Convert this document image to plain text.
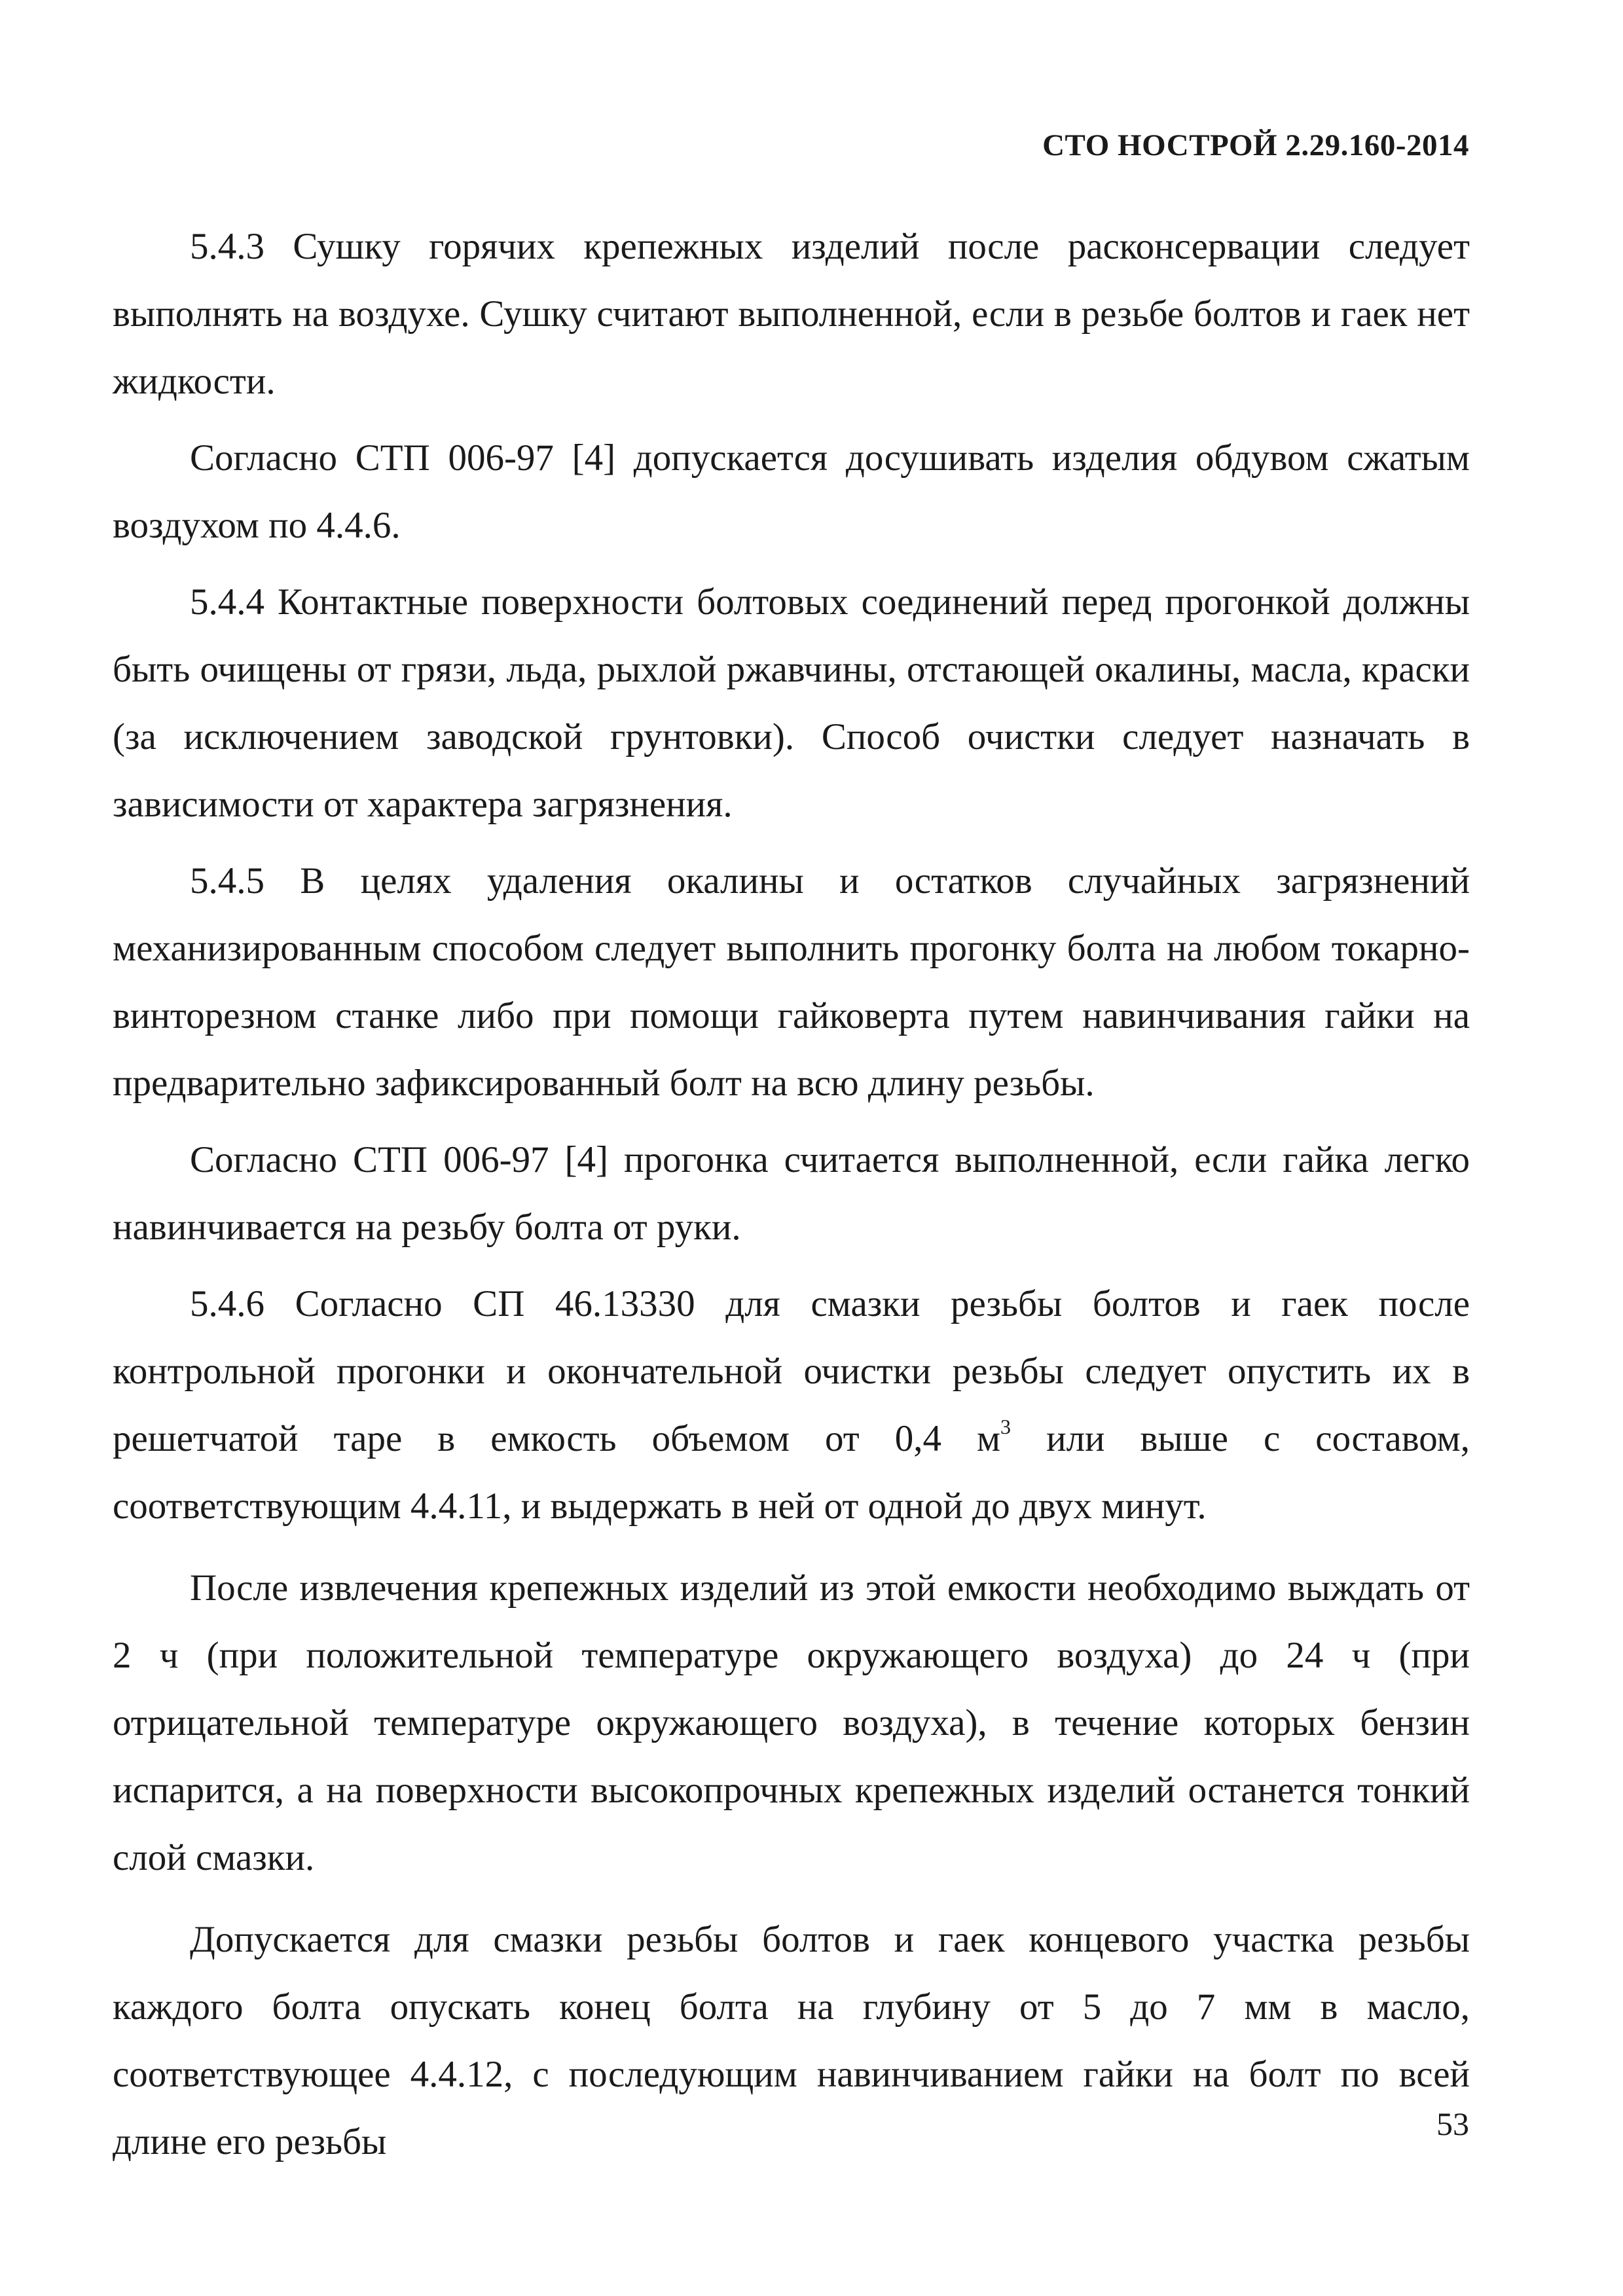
СТО НОСТРОЙ 2.29.160-2014

5.4.3 Сушку горячих крепежных изделий после расконсервации следует выполнять на воздухе. Сушку считают выполненной, если в резьбе болтов и гаек нет жидкости.

Согласно СТП 006-97 [4] допускается досушивать изделия обдувом сжатым воздухом по 4.4.6.

5.4.4 Контактные поверхности болтовых соединений перед прогонкой должны быть очищены от грязи, льда, рыхлой ржавчины, отстающей окалины, масла, краски (за исключением заводской грунтовки). Способ очистки следует назначать в зависимости от характера загрязнения.

5.4.5 В целях удаления окалины и остатков случайных загрязнений механизированным способом следует выполнить прогонку болта на любом токарно-винторезном станке либо при помощи гайковерта путем навинчивания гайки на предварительно зафиксированный болт на всю длину резьбы.

Согласно СТП 006-97 [4] прогонка считается выполненной, если гайка легко навинчивается на резьбу болта от руки.

5.4.6 Согласно СП 46.13330 для смазки резьбы болтов и гаек после контрольной прогонки и окончательной очистки резьбы следует опустить их в решетчатой таре в емкость объемом от 0,4 $м^3$ или выше с составом, соответствующим 4.4.11, и выдержать в ней от одной до двух минут.

После извлечения крепежных изделий из этой емкости необходимо выждать от 2 ч (при положительной температуре окружающего воздуха) до 24 ч (при отрицательной температуре окружающего воздуха), в течение которых бензин испарится, а на поверхности высокопрочных крепежных изделий останется тонкий слой смазки.

Допускается для смазки резьбы болтов и гаек концевого участка резьбы каждого болта опускать конец болта на глубину от 5 до 7 мм в масло, соответствующее 4.4.12, с последующим навинчиванием гайки на болт по всей длине его резьбы	53
